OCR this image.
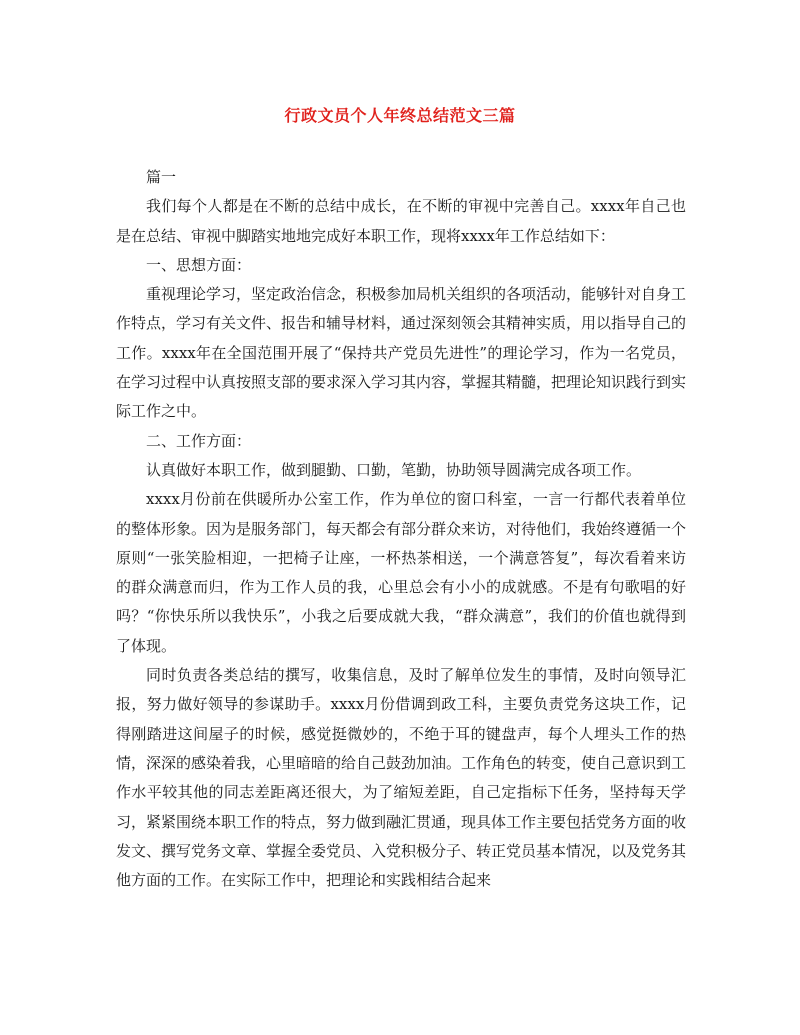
行政文员个人年终总结范文三篇

篇一

我们每个人都是在不断的总结中成长，在不断的审视中完善自己。xxxx年自己也是在总结、审视中脚踏实地地完成好本职工作，现将xxxx年工作总结如下：

一、思想方面：

重视理论学习，坚定政治信念，积极参加局机关组织的各项活动，能够针对自身工作特点，学习有关文件、报告和辅导材料，通过深刻领会其精神实质，用以指导自己的工作。xxxx年在全国范围开展了“保持共产党员先进性”的理论学习，作为一名党员，在学习过程中认真按照支部的要求深入学习其内容，掌握其精髓，把理论知识践行到实际工作之中。

二、工作方面：

认真做好本职工作，做到腿勤、口勤，笔勤，协助领导圆满完成各项工作。

xxxx月份前在供暖所办公室工作，作为单位的窗口科室，一言一行都代表着单位的整体形象。因为是服务部门，每天都会有部分群众来访，对待他们，我始终遵循一个原则“一张笑脸相迎，一把椅子让座，一杯热茶相送，一个满意答复”，每次看着来访的群众满意而归，作为工作人员的我，心里总会有小小的成就感。不是有句歌唱的好吗？“你快乐所以我快乐”，小我之后要成就大我，“群众满意”，我们的价值也就得到了体现。

同时负责各类总结的撰写，收集信息，及时了解单位发生的事情，及时向领导汇报，努力做好领导的参谋助手。xxxx月份借调到政工科，主要负责党务这块工作，记得刚踏进这间屋子的时候，感觉挺微妙的，不绝于耳的键盘声，每个人埋头工作的热情，深深的感染着我，心里暗暗的给自己鼓劲加油。工作角色的转变，使自己意识到工作水平较其他的同志差距离还很大，为了缩短差距，自己定指标下任务，坚持每天学习，紧紧围绕本职工作的特点，努力做到融汇贯通，现具体工作主要包括党务方面的收发文、撰写党务文章、掌握全委党员、入党积极分子、转正党员基本情况，以及党务其他方面的工作。在实际工作中，把理论和实践相结合起来
